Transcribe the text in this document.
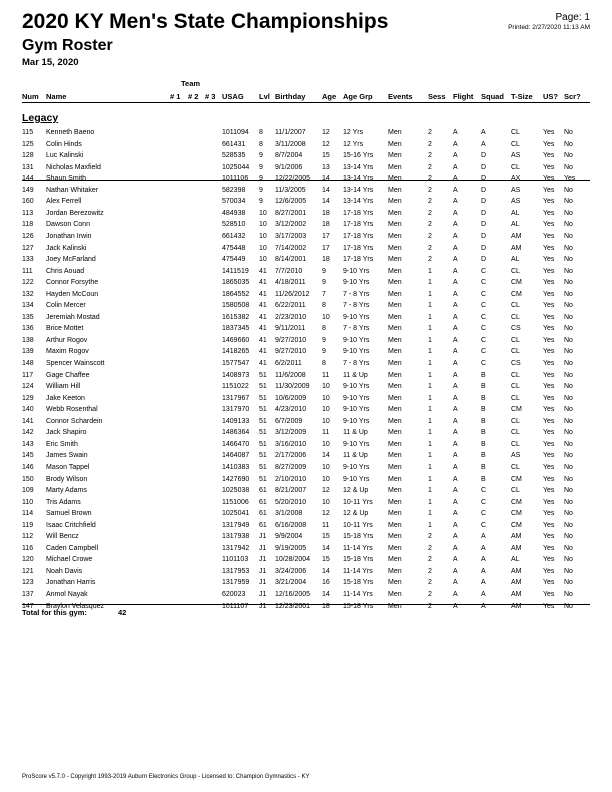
2020 KY Men's State Championships
Gym Roster
Mar 15, 2020
Page: 1
Printed: 2/27/2020 11:13 AM
Team
Num Name	# 1 # 2 # 3 USAG Lvl Birthday Age Age Grp Events Sess Flight Squad T-Size US? Scr?
Legacy
115 Kenneth Baeno	1011094 8 11/1/2007 12 12 Yrs	Men	2	A	A	CL	Yes No
125 Colin Hinds	661431 8 3/11/2008 12 12 Yrs	Men	2	A	A	CL	Yes No
128 Luc Kalinski	528535 9 8/7/2004	15 15-16 Yrs Men	2	A	D	AS	Yes No
131 Nicholas Maxfield	1025044 9 9/1/2006	13 13-14 Yrs Men	2	A	D	CL	Yes No
144 Shaun Smith	1011106 9 12/22/2005 14 13-14 Yrs Men	2	A	D	AX	Yes Yes
149 Nathan Whitaker	582398 9 11/3/2005 14 13-14 Yrs Men	2	A	D	AS	Yes No
160 Alex Ferrell	570034 9 12/6/2005 14 13-14 Yrs Men	2	A	D	AS	Yes No
113 Jordan Berezowitz	484938 10 8/27/2001 18 17-18 Yrs Men	2	A	D	AL	Yes No
118 Dawson Conn	528510 10 3/12/2002 18 17-18 Yrs Men	2	A	D	AL	Yes No
126 Jonathan Irwin	661432 10 3/17/2003 17 17-18 Yrs Men	2	A	D	AM	Yes No
127 Jack Kalinski	475448 10 7/14/2002 17 17-18 Yrs Men	2	A	D	AM	Yes No
133 Joey McFarland	475449 10 8/14/2001 18 17-18 Yrs Men	2	A	D	AL	Yes No
111 Chris Aouad	1411519 41 7/7/2010	9 9-10 Yrs	Men	1	A	C	CL	Yes No
122 Connor Forsythe	1865035 41 4/18/2011 9 9-10 Yrs	Men	1	A	C	CM	Yes No
132 Hayden McCoun	1864552 41 11/26/2012 7 7 - 8 Yrs	Men	1	A	C	CM	Yes No
134 Colin Mercer	1580508 41 6/22/2011 8 7 - 8 Yrs	Men	1	A	C	CL	Yes No
135 Jeremiah Mostad	1615382 41 2/23/2010 10 9-10 Yrs	Men	1	A	C	CL	Yes No
136 Brice Mottet	1837345 41 9/11/2011 8 7 - 8 Yrs	Men	1	A	C	CS	Yes No
138 Arthur Rogov	1469660 41 9/27/2010 9 9-10 Yrs	Men	1	A	C	CL	Yes No
139 Maxim Rogov	1418265 41 9/27/2010 9 9-10 Yrs	Men	1	A	C	CL	Yes No
148 Spencer Wainscott	1577547 41 6/2/2011	8 7 - 8 Yrs	Men	1	A	C	CS	Yes No
117 Gage Chaffee	1408973 51 11/6/2008 11 11 & Up	Men	1	A	B	CL	Yes No
124 William Hill	1151022 51 11/30/2009 10 9-10 Yrs	Men	1	A	B	CL	Yes No
129 Jake Keeton	1317967 51 10/6/2009 10 9-10 Yrs	Men	1	A	B	CL	Yes No
140 Webb Rosenthal	1317970 51 4/23/2010 10 9-10 Yrs	Men	1	A	B	CM	Yes No
141 Connor Schardein	1409133 51 6/7/2009	10 9-10 Yrs	Men	1	A	B	CL	Yes No
142 Jack Shapiro	1486364 51 3/12/2009 11 11 & Up	Men	1	A	B	CL	Yes No
143 Eric Smith	1466470 51 3/16/2010 10 9-10 Yrs	Men	1	A	B	CL	Yes No
145 James Swain	1464087 51 2/17/2006 14 11 & Up	Men	1	A	B	AS	Yes No
146 Mason Tappel	1410383 51 8/27/2009 10 9-10 Yrs	Men	1	A	B	CL	Yes No
150 Brody Wilson	1427690 51 2/10/2010 10 9-10 Yrs	Men	1	A	B	CM	Yes No
109 Marty Adams	1025038 61 8/21/2007 12 12 & Up	Men	1	A	C	CL	Yes No
110 Tris Adams	1151006 61 5/20/2010 10 10-11 Yrs Men	1	A	C	CM	Yes No
114 Samuel Brown	1025041 61 3/1/2008	12 12 & Up	Men	1	A	C	CM	Yes No
119 Isaac Critchfield	1317949 61 6/16/2008 11 10-11 Yrs Men	1	A	C	CM	Yes No
112 Will Bencz	1317938 J1 9/9/2004	15 15-18 Yrs Men	2	A	A	AM	Yes No
116 Caden Campbell	1317942 J1 9/19/2005 14 11-14 Yrs Men	2	A	A	AM	Yes No
120 Michael Crowe	1101103 J1 10/28/2004 15 15-18 Yrs Men	2	A	A	AL	Yes No
121 Noah Davis	1317953 J1 3/24/2006 14 11-14 Yrs Men	2	A	A	AM	Yes No
123 Jonathan Harris	1317959 J1 3/21/2004 16 15-18 Yrs Men	2	A	A	AM	Yes No
137 Anmol Nayak	620023 J1 12/16/2005 14 11-14 Yrs Men	2	A	A	AM	Yes No
147 Braylon Velasquez	1011107 J1 12/23/2001 18 15-18 Yrs Men	2	A	A	AM	Yes No
Total for this gym:	42
ProScore v5.7.0 - Copyright 1993-2019 Auburn Electronics Group - Licensed to: Champion Gymnastics - KY
